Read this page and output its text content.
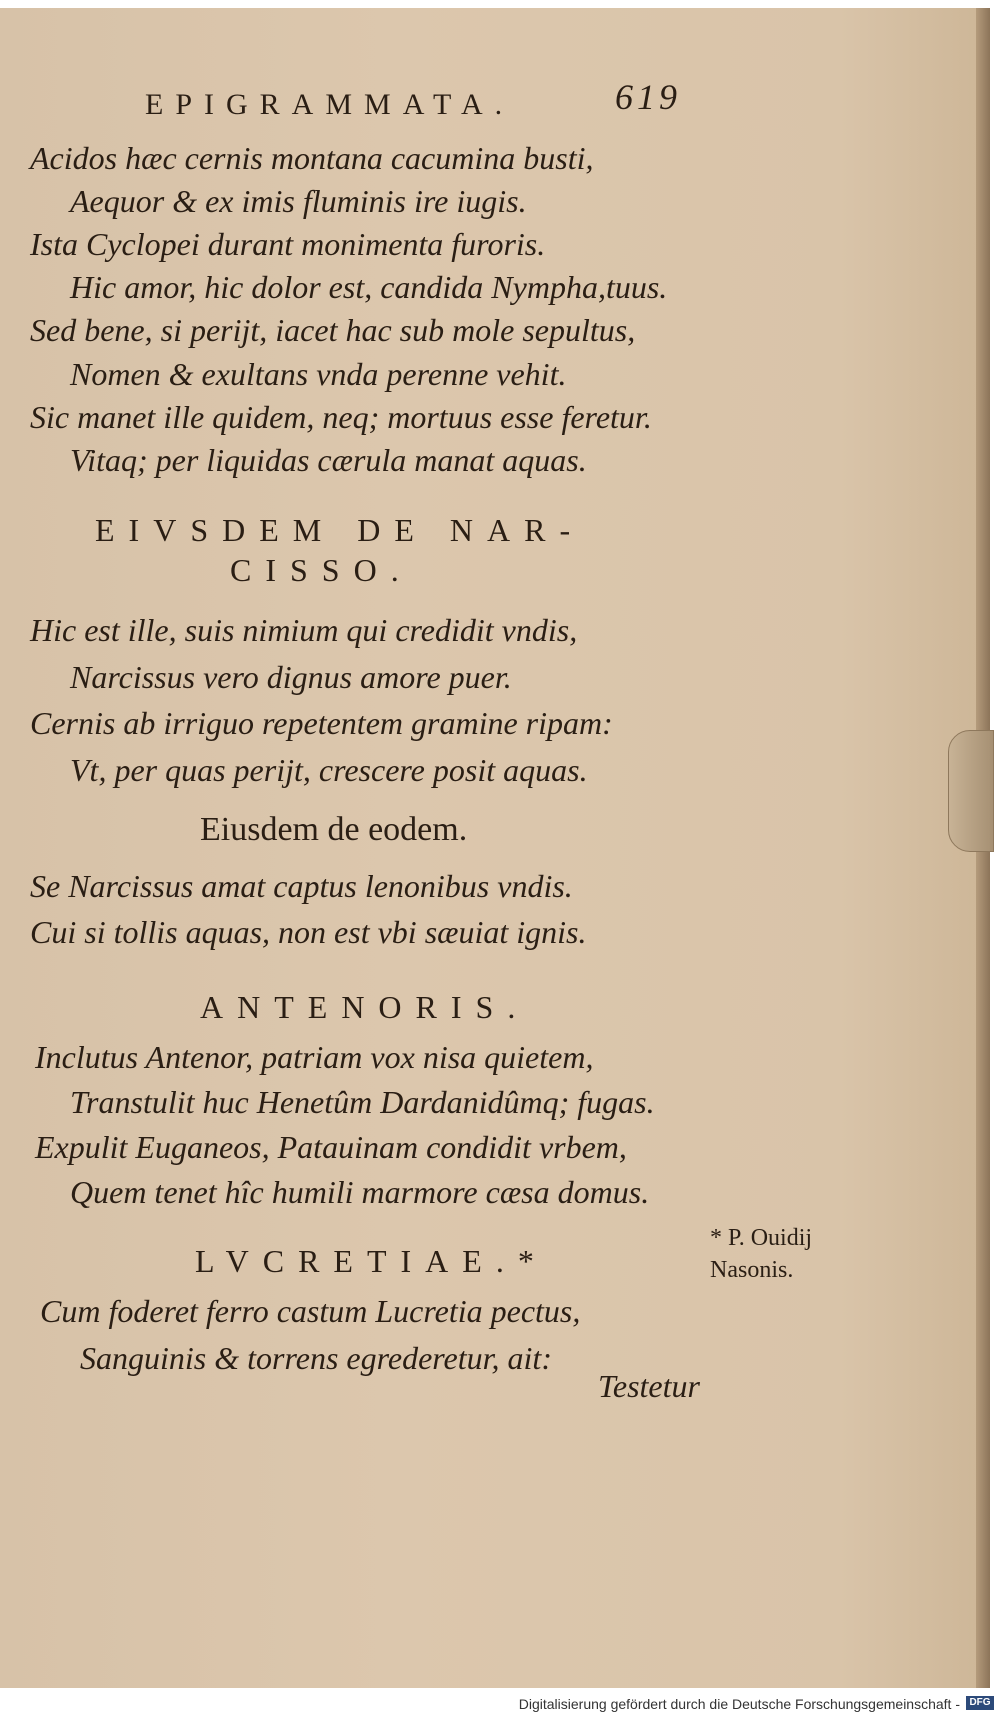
EPIGRAMMATA.	619
Acidos hæc cernis montana cacumina busti,
Aequor & ex imis fluminis ire iugis.
Ista Cyclopei durant monimenta furoris.
Hic amor, hic dolor est, candida Nympha,tuus.
Sed bene, si perijt, iacet hac sub mole sepultus,
Nomen & exultans vnda perenne vehit.
Sic manet ille quidem, neq; mortuus esse feretur.
Vitaq; per liquidas cærula manat aquas.
EIVSDEM DE NAR-
CISSO.
Hic est ille, suis nimium qui credidit vndis,
Narcissus vero dignus amore puer.
Cernis ab irriguo repetentem gramine ripam:
Vt, per quas perijt, crescere posit aquas.
Eiusdem de eodem.
Se Narcissus amat captus lenonibus vndis.
Cui si tollis aquas, non est vbi sæuiat ignis.
ANTENORIS.
Inclutus Antenor, patriam vox nisa quietem,
Transtulit huc Henetûm Dardanidûmq; fugas.
Expulit Euganeos, Patauinam condidit vrbem,
Quem tenet hîc humili marmore cæsa domus.
LVCRETIAE.*
Cum foderet ferro castum Lucretia pectus,
Sanguinis & torrens egrederetur, ait:
Testetur
* P. Ouidij
Nasonis.
Digitalisierung gefördert durch die Deutsche Forschungsgemeinschaft - DFG
